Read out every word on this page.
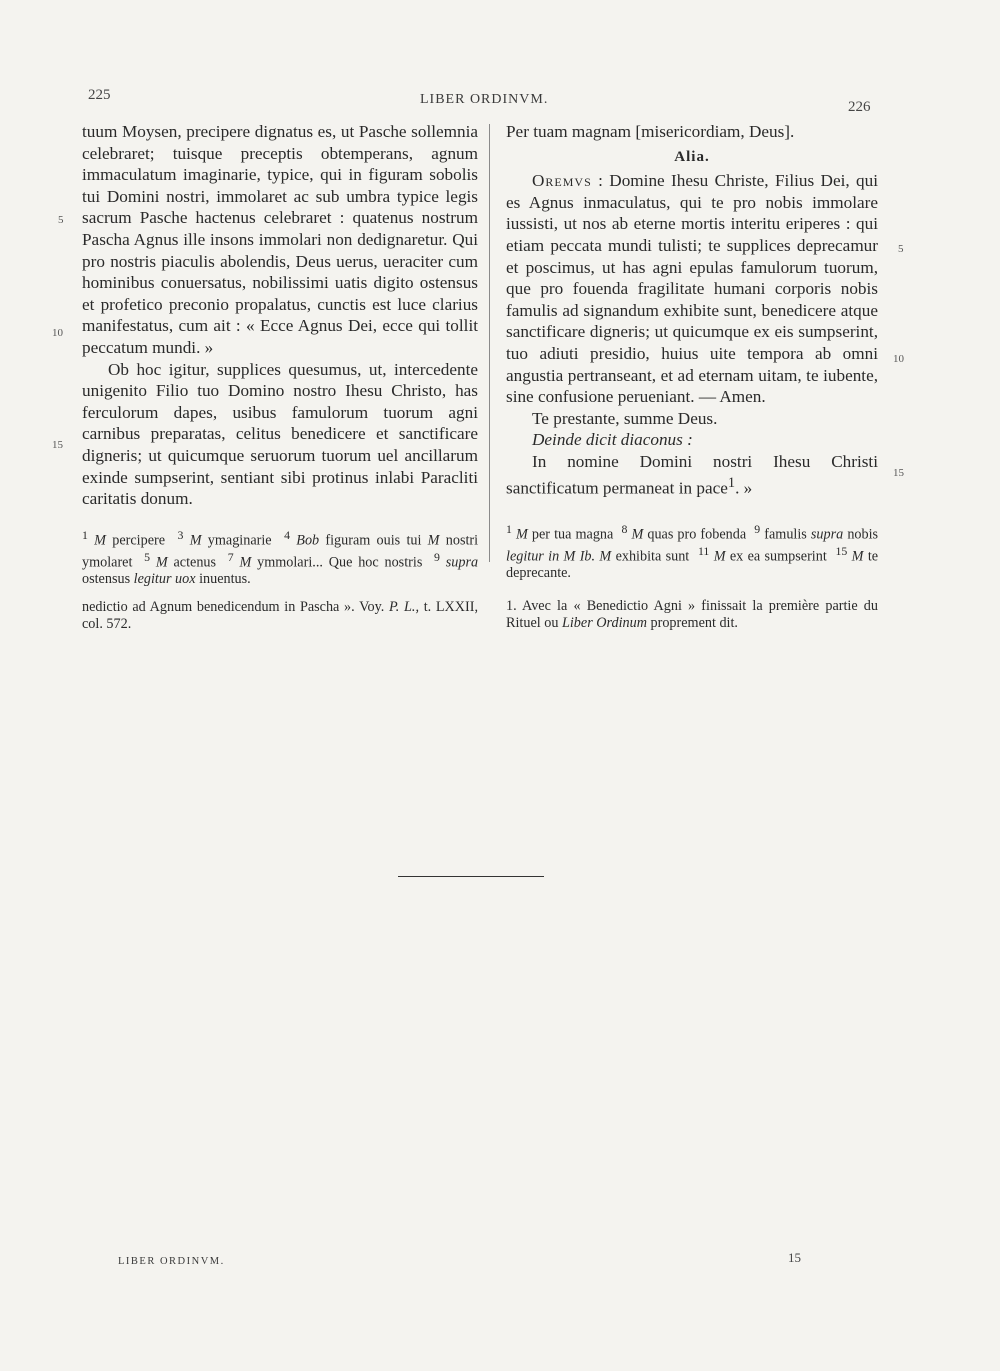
225	LIBER ORDINVM.	226

tuum Moysen, precipere dignatus es, ut Pasche sollemnia celebraret; tuisque preceptis obtemperans, agnum immaculatum imaginarie, typice, qui in figuram sobolis tui Domini nostri, immolaret ac sub umbra typice legis sacrum Pasche hactenus celebraret : quatenus nostrum Pascha Agnus ille insons immolari non dedignaretur. Qui pro nostris piaculis abolendis, Deus uerus, ueraciter cum hominibus conuersatus, nobilissimi uatis digito ostensus et profetico preconio propalatus, cunctis est luce clarius manifestatus, cum ait : « Ecce Agnus Dei, ecce qui tollit peccatum mundi. »

Ob hoc igitur, supplices quesumus, ut, intercedente unigenito Filio tuo Domino nostro Ihesu Christo, has ferculorum dapes, usibus famulorum tuorum agni carnibus preparatas, celitus benedicere et sanctificare digneris; ut quicumque seruorum tuorum uel ancillarum exinde sumpserint, sentiant sibi protinus inlabi Paracliti caritatis donum.

$^1$ M percipere $^3$ M ymaginarie $^4$ Bob figuram ouis tui M nostri ymolaret $^5$ M actenus $^7$ M ymmolari... Que hoc nostris $^9$ supra ostensus legitur uox inuentus.

nedictio ad Agnum benedicendum in Pascha ». Voy. P. L., t. LXXII, col. 572.

Per tuam magnam [misericordiam, Deus].

Alia.

Oremvs : Domine Ihesu Christe, Filius Dei, qui es Agnus inmaculatus, qui te pro nobis immolare iussisti, ut nos ab eterne mortis interitu eriperes : qui etiam peccata mundi tulisti; te supplices deprecamur et poscimus, ut has agni epulas famulorum tuorum, que pro fouenda fragilitate humani corporis nobis famulis ad signandum exhibite sunt, benedicere atque sanctificare digneris; ut quicumque ex eis sumpserint, tuo adiuti presidio, huius uite tempora ab omni angustia pertranseant, et ad eternam uitam, te iubente, sine confusione perueniant. — Amen.

Te prestante, summe Deus.

Deinde dicit diaconus :

In nomine Domini nostri Ihesu Christi sanctificatum permaneat in pace$^1$. »

$^1$ M per tua magna $^8$ M quas pro fobenda $^9$ famulis supra nobis legitur in M Ib. M exhibita sunt $^{11}$ M ex ea sumpserint $^{15}$ M te deprecante.

1. Avec la « Benedictio Agni » finissait la première partie du Rituel ou Liber Ordinum proprement dit.

5
10
15
5
10
15
LIBER ORDINVM.	15
